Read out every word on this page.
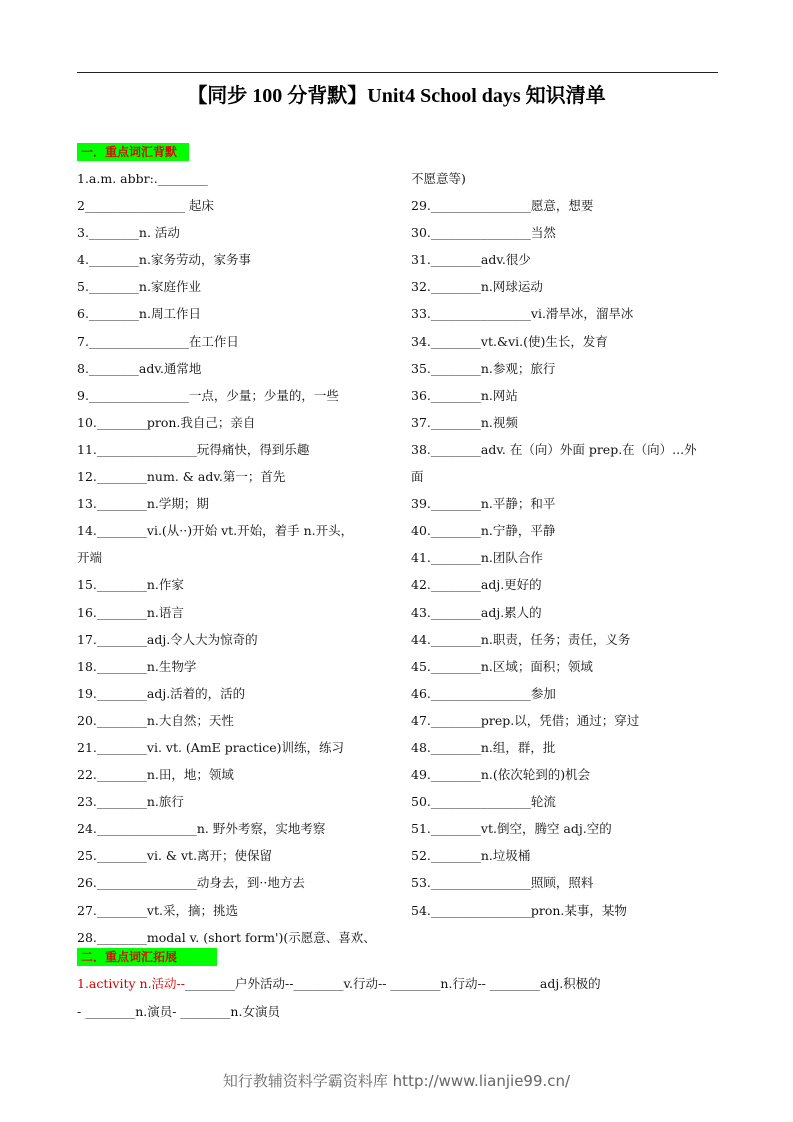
【同步 100 分背默】Unit4 School days 知识清单
一．重点词汇背默
1.a.m. abbr:.________
2________________ 起床
3.________n. 活动
4.________n.家务劳动，家务事
5.________n.家庭作业
6.________n.周工作日
7.________________在工作日
8.________adv.通常地
9.________________一点，少量；少量的，一些
10.________pron.我自己；亲自
11.________________玩得痛快，得到乐趣
12.________num. & adv.第一；首先
13.________n.学期；期
14.________vi.(从··)开始 vt.开始，着手 n.开头，
开端
15.________n.作家
16.________n.语言
17.________adj.令人大为惊奇的
18.________n.生物学
19.________adj.活着的，活的
20.________n.大自然；天性
21.________vi. vt. (AmE practice)训练，练习
22.________n.田，地；领域
23.________n.旅行
24.________________n. 野外考察，实地考察
25.________vi. & vt.离开；使保留
26.________________动身去，到··地方去
27.________vt.采，摘；挑选
28.________modal v. (short form')(示愿意、喜欢、
不愿意等)
29.________________愿意，想要
30.________________当然
31.________adv.很少
32.________n.网球运动
33.________________vi.滑旱冰，溜旱冰
34.________vt.&vi.(使)生长，发育
35.________n.参观；旅行
36.________n.网站
37.________n.视频
38.________adv. 在（向）外面 prep.在（向）...外
面
39.________n.平静；和平
40.________n.宁静，平静
41.________n.团队合作
42.________adj.更好的
43.________adj.累人的
44.________n.职责，任务；责任，义务
45.________n.区域；面积；领域
46.________________参加
47.________prep.以，凭借；通过；穿过
48.________n.组，群，批
49.________n.(依次轮到的)机会
50.________________轮流
51.________vt.倒空，腾空 adj.空的
52.________n.垃圾桶
53.________________照顾，照料
54.________________pron.某事，某物
二．重点词汇拓展
1.activity n.活动--________户外活动--________v.行动-- ________n.行动-- ________adj.积极的
- ________n.演员- ________n.女演员
知行教辅资料学霸资料库 http://www.lianjie99.cn/
